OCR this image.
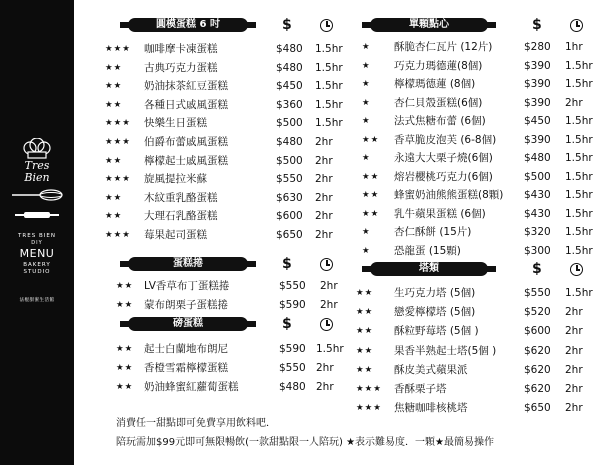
Tres
Bien
TRES BIEN
DIY
MENU
BAKERY
STUDIO
法棍甜蜜生活館
圓模蛋糕 6 吋	$
★★★ 咖啡摩卡凍蛋糕	$480 1.5hr
★★ 古典巧克力蛋糕	$480 1.5hr
★★ 奶油抹茶紅豆蛋糕	$450 1.5hr
★★ 各種日式戚風蛋糕	$360 1.5hr
★★★ 快樂生日蛋糕	$500 1.5hr
★★★ 伯爵布蕾戚風蛋糕	$480 2hr
★★ 檸檬起士戚風蛋糕	$500 2hr
★★★ 旋風提拉米蘇	$550 2hr
★★ 木紋重乳酪蛋糕	$630 2hr
★★ 大理石乳酪蛋糕	$600 2hr
★★★ 莓果起司蛋糕	$650 2hr
蛋糕捲	$
★★ LV香草布丁蛋糕捲	$550 2hr
★★ 蒙布朗栗子蛋糕捲	$590 2hr
磅蛋糕	$
★★ 起士白蘭地布朗尼	$590 1.5hr
★★ 香橙雪霜檸檬蛋糕	$550 2hr
★★ 奶油蜂蜜紅蘿蔔蛋糕	$480 2hr
單顆點心	$
★ 酥脆杏仁瓦片 (12片)	$280 1hr
★ 巧克力瑪德蓮(8個)	$390 1.5hr
★ 檸檬瑪德蓮 (8個)	$390 1.5hr
★ 杏仁貝殼蛋糕(6個)	$390 2hr
★ 法式焦糖布蕾 (6個)	$450 1.5hr
★★ 香草脆皮泡芙 (6-8個)	$390 1.5hr
★ 永遠大大栗子燒(6個)	$480 1.5hr
★★ 熔岩櫻桃巧克力(6個)	$500 1.5hr
★★ 蜂蜜奶油熊熊蛋糕(8顆) $430 1.5hr
★★ 乳牛蘋果蛋糕 (6個)	$430 1.5hr
★ 杏仁酥餅 (15片)	$320 1.5hr
★ 恐龍蛋 (15顆)	$300 1.5hr
塔類	$
★★ 生巧克力塔 (5個)	$550 1.5hr
★★ 戀愛檸檬塔 (5個)	$520 2hr
★★ 酥粒野莓塔 (5個 )	$600 2hr
★★ 果香半熟起士塔(5個 )	$620 2hr
★★ 酥皮美式蘋果派	$620 2hr
★★★ 香酥栗子塔	$620 2hr
★★★ 焦糖咖啡核桃塔	$650 2hr
消費任一甜點即可免費享用飲料吧．
陪玩需加$99元即可無限暢飲(一款甜點限一人陪玩) ★表示難易度．一顆★最簡易操作
